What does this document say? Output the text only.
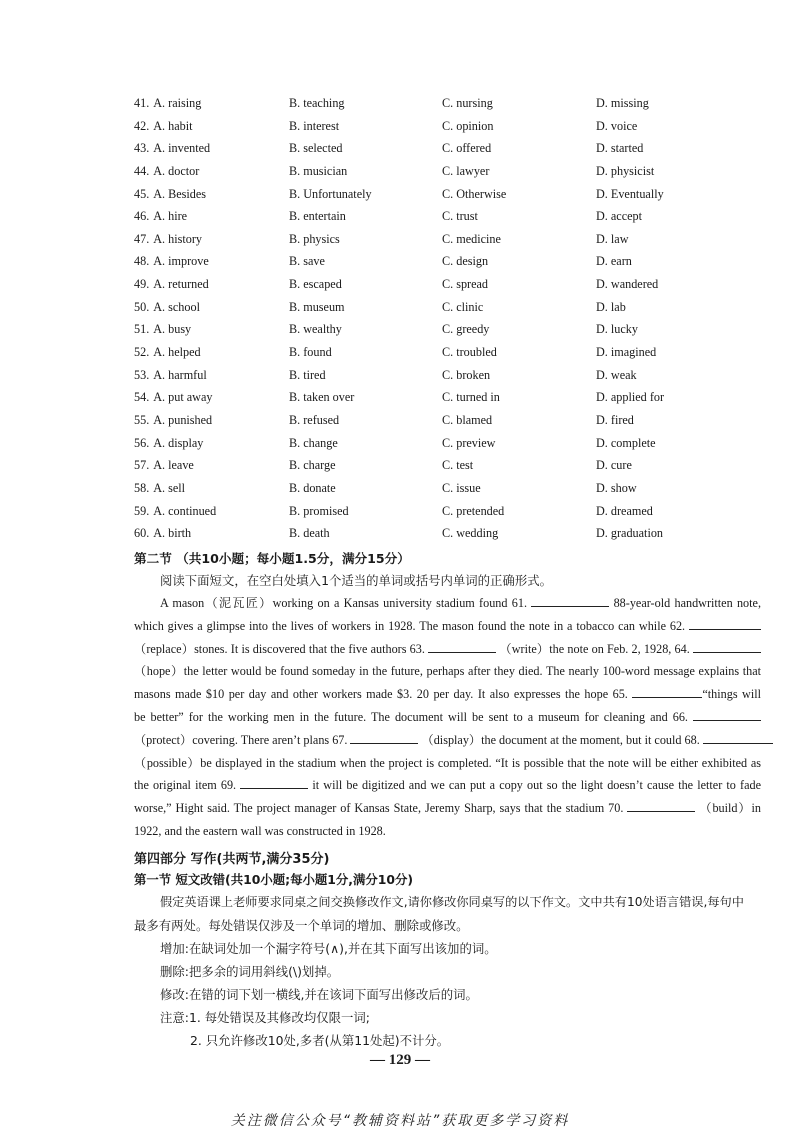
41. A. raising	B. teaching	C. nursing	D. missing
42. A. habit	B. interest	C. opinion	D. voice
43. A. invented	B. selected	C. offered	D. started
44. A. doctor	B. musician	C. lawyer	D. physicist
45. A. Besides	B. Unfortunately	C. Otherwise	D. Eventually
46. A. hire	B. entertain	C. trust	D. accept
47. A. history	B. physics	C. medicine	D. law
48. A. improve	B. save	C. design	D. earn
49. A. returned	B. escaped	C. spread	D. wandered
50. A. school	B. museum	C. clinic	D. lab
51. A. busy	B. wealthy	C. greedy	D. lucky
52. A. helped	B. found	C. troubled	D. imagined
53. A. harmful	B. tired	C. broken	D. weak
54. A. put away	B. taken over	C. turned in	D. applied for
55. A. punished	B. refused	C. blamed	D. fired
56. A. display	B. change	C. preview	D. complete
57. A. leave	B. charge	C. test	D. cure
58. A. sell	B. donate	C. issue	D. show
59. A. continued	B. promised	C. pretended	D. dreamed
60. A. birth	B. death	C. wedding	D. graduation
第二节 （共10小题；每小题1.5分，满分15分）
阅读下面短文，在空白处填入1个适当的单词或括号内单词的正确形式。
A mason（泥瓦匠）working on a Kansas university stadium found 61.	88-year-old handwritten note,
which gives a glimpse into the lives of workers in 1928. The mason found the note in a tobacco can while 62.
（replace）stones. It is discovered that the five authors 63.	（write）the note on Feb. 2, 1928, 64.
（hope）the letter would be found someday in the future, perhaps after they died. The nearly 100-word message explains that
masons made $10 per day and other workers made $3. 20 per day. It also expresses the hope 65.	“things will
be better” for the working men in the future. The document will be sent to a museum for cleaning and 66.
（protect）covering. There aren’t plans 67.	（display）the document at the moment, but it could 68.
（possible）be displayed in the stadium when the project is completed. “It is possible that the note will be either exhibited as
the original item 69.	it will be digitized and we can put a copy out so the light doesn’t cause the letter to fade
worse,” Hight said. The project manager of Kansas State, Jeremy Sharp, says that the stadium 70.	（build）in
1922, and the eastern wall was constructed in 1928.
第四部分 写作(共两节,满分35分)
第一节 短文改错(共10小题;每小题1分,满分10分)
假定英语课上老师要求同桌之间交换修改作文,请你修改你同桌写的以下作文。文中共有10处语言错误,每句中
最多有两处。每处错误仅涉及一个单词的增加、删除或修改。
增加:在缺词处加一个漏字符号(∧),并在其下面写出该加的词。
删除:把多余的词用斜线(\)划掉。
修改:在错的词下划一横线,并在该词下面写出修改后的词。
注意:1. 每处错误及其修改均仅限一词;
2. 只允许修改10处,多者(从第11处起)不计分。
— 129 —
关注微信公众号“教辅资料站”获取更多学习资料
